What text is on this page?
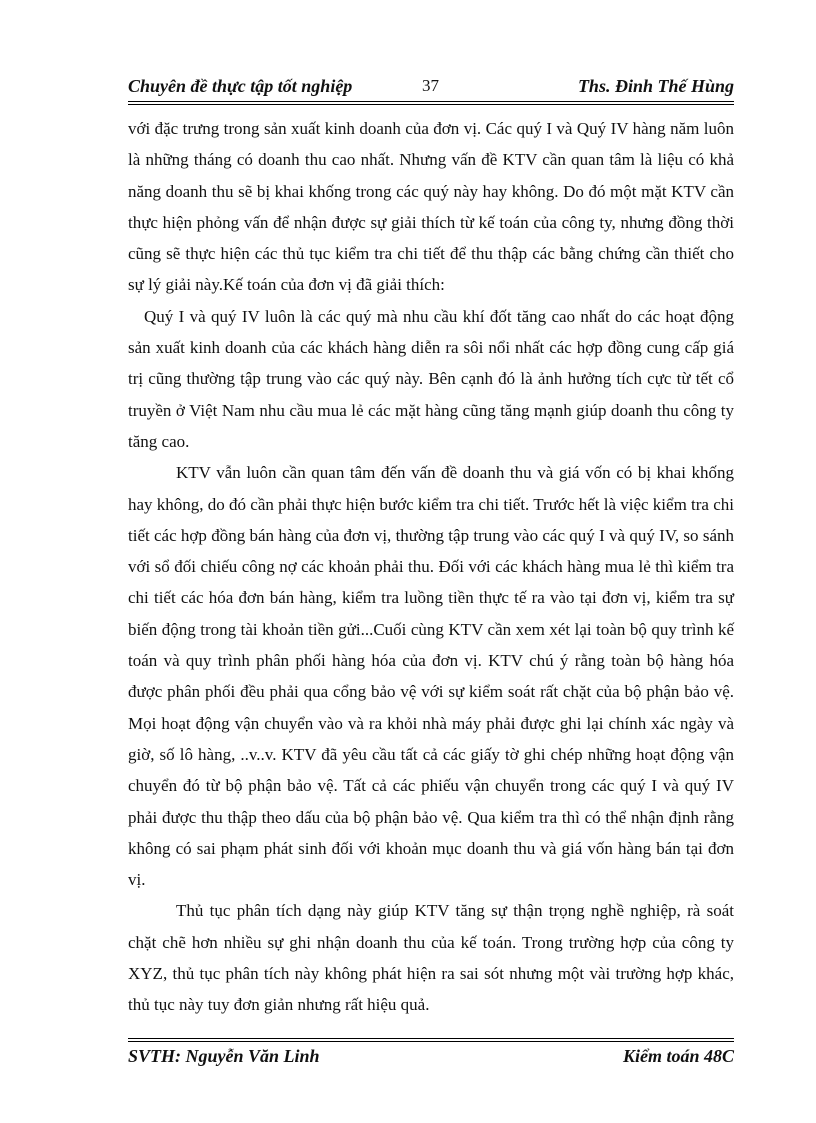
Chuyên đề thực tập tốt nghiệp	37	Ths. Đinh Thế Hùng

với đặc trưng trong sản xuất kinh doanh của đơn vị. Các quý I và Quý IV hàng năm luôn là những tháng có doanh thu cao nhất. Nhưng vấn đề KTV cần quan tâm là liệu có khả năng doanh thu sẽ bị khai khống trong các quý này hay không. Do đó một mặt KTV cần thực hiện phỏng vấn để nhận được sự giải thích từ kế toán của công ty, nhưng đồng thời cũng sẽ thực hiện các thủ tục kiểm tra chi tiết để thu thập các bằng chứng cần thiết cho sự lý giải này.Kế toán của đơn vị đã giải thích:

Quý I và quý IV luôn là các quý mà nhu cầu khí đốt tăng cao nhất do các hoạt động sản xuất kinh doanh của các khách hàng diễn ra sôi nổi nhất các hợp đồng cung cấp giá trị cũng thường tập trung vào các quý này. Bên cạnh đó là ảnh hưởng tích cực từ tết cổ truyền ở Việt Nam nhu cầu mua lẻ các mặt hàng cũng tăng mạnh giúp doanh thu công ty tăng cao.

KTV vẫn luôn cần quan tâm đến vấn đề doanh thu và giá vốn có bị khai khống hay không, do đó cần phải thực hiện bước kiểm tra chi tiết. Trước hết là việc kiểm tra chi tiết các hợp đồng bán hàng của đơn vị, thường tập trung vào các quý I và quý IV, so sánh với sổ đối chiếu công nợ các khoản phải thu. Đối với các khách hàng mua lẻ thì kiểm tra chi tiết các hóa đơn bán hàng, kiểm tra luồng tiền thực tế ra vào tại đơn vị, kiểm tra sự biến động trong tài khoản tiền gửi...Cuối cùng KTV cần xem xét lại toàn bộ quy trình kế toán và quy trình phân phối hàng hóa của đơn vị. KTV chú ý rằng toàn bộ hàng hóa được phân phối đều phải qua cổng bảo vệ với sự kiểm soát rất chặt của bộ phận bảo vệ. Mọi hoạt động vận chuyển vào và ra khỏi nhà máy phải được ghi lại chính xác ngày và giờ, số lô hàng, ..v..v. KTV đã yêu cầu tất cả các giấy tờ ghi chép những hoạt động vận chuyển đó từ bộ phận bảo vệ. Tất cả các phiếu vận chuyển trong các quý I và quý IV phải được thu thập theo dấu của bộ phận bảo vệ. Qua kiểm tra thì có thể nhận định rằng không có sai phạm phát sinh đối với khoản mục doanh thu và giá vốn hàng bán tại đơn vị.

Thủ tục phân tích dạng này giúp KTV tăng sự thận trọng nghề nghiệp, rà soát chặt chẽ hơn nhiều sự ghi nhận doanh thu của kế toán. Trong trường hợp của công ty XYZ, thủ tục phân tích này không phát hiện ra sai sót nhưng một vài trường hợp khác, thủ tục này tuy đơn giản nhưng rất hiệu quả.

SVTH: Nguyễn Văn Linh	Kiểm toán 48C
